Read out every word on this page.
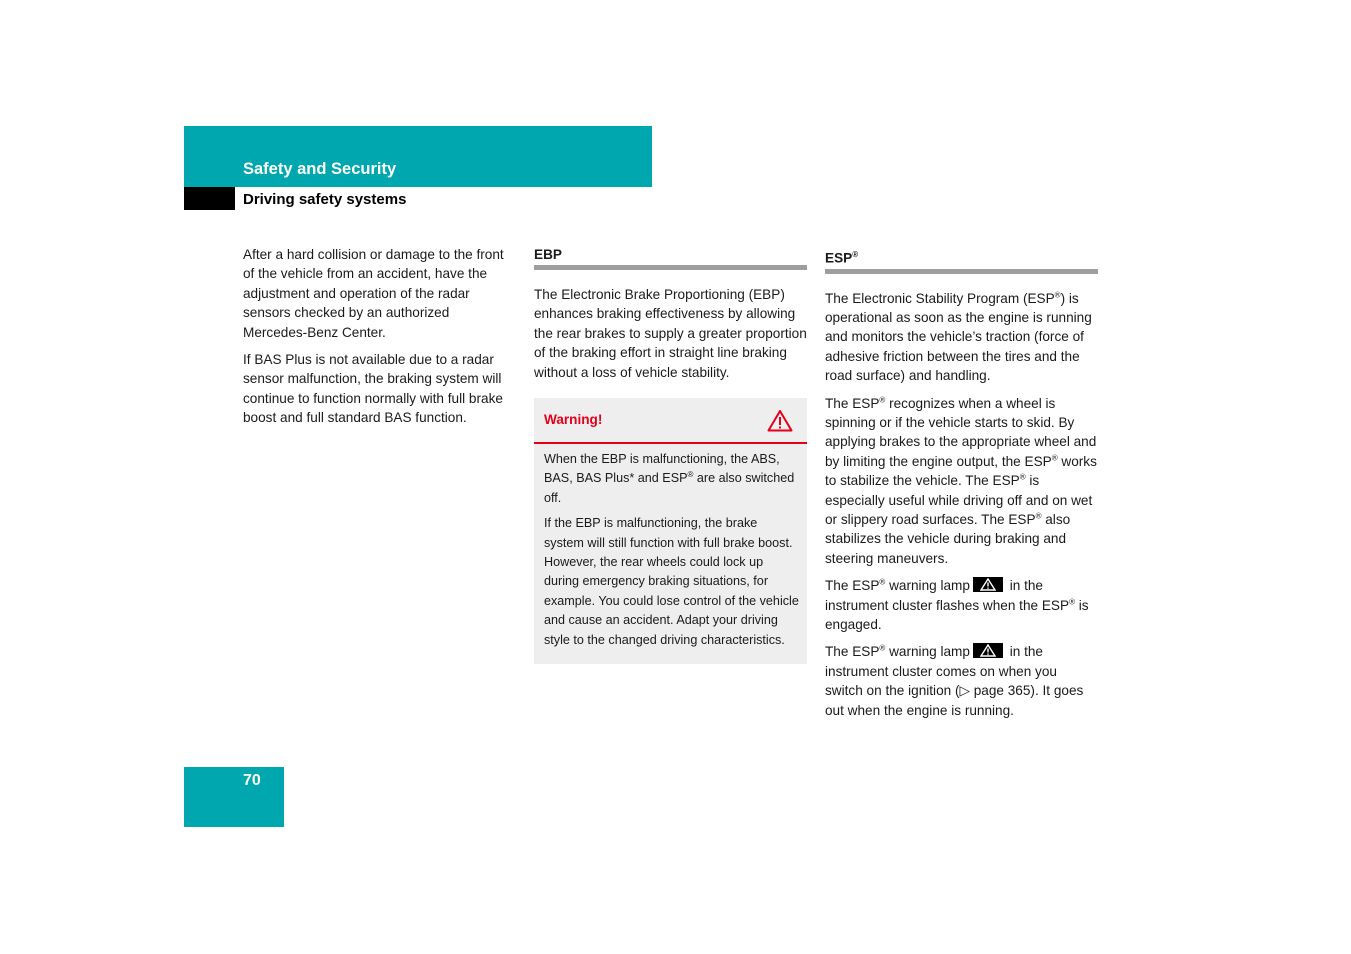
Safety and Security
Driving safety systems

After a hard collision or damage to the front of the vehicle from an accident, have the adjustment and operation of the radar sensors checked by an authorized Mercedes-Benz Center.

If BAS Plus is not available due to a radar sensor malfunction, the braking system will continue to function normally with full brake boost and full standard BAS function.

EBP

The Electronic Brake Proportioning (EBP) enhances braking effectiveness by allowing the rear brakes to supply a greater proportion of the braking effort in straight line braking without a loss of vehicle stability.

Warning!

When the EBP is malfunctioning, the ABS, BAS, BAS Plus* and ESP® are also switched off.

If the EBP is malfunctioning, the brake system will still function with full brake boost. However, the rear wheels could lock up during emergency braking situations, for example. You could lose control of the vehicle and cause an accident. Adapt your driving style to the changed driving characteristics.

ESP®

The Electronic Stability Program (ESP®) is operational as soon as the engine is running and monitors the vehicle’s traction (force of adhesive friction between the tires and the road surface) and handling.

The ESP® recognizes when a wheel is spinning or if the vehicle starts to skid. By applying brakes to the appropriate wheel and by limiting the engine output, the ESP® works to stabilize the vehicle. The ESP® is especially useful while driving off and on wet or slippery road surfaces. The ESP® also stabilizes the vehicle during braking and steering maneuvers.

The ESP® warning lamp	in the instrument cluster flashes when the ESP® is engaged.

The ESP® warning lamp	in the instrument cluster comes on when you switch on the ignition (▷ page 365). It goes out when the engine is running.

70
